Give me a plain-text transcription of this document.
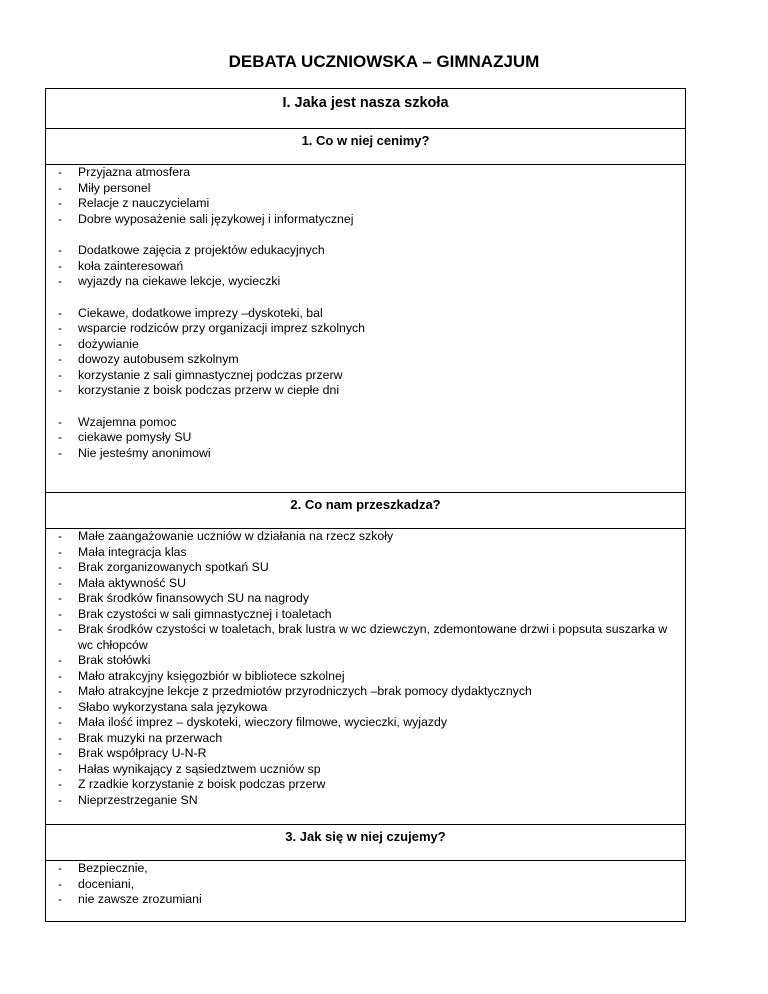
DEBATA UCZNIOWSKA – GIMNAZJUM
I. Jaka jest nasza szkoła
1. Co w niej cenimy?
- Przyjazna atmosfera
- Miły personel
- Relacje z nauczycielami
- Dobre wyposażenie sali językowej i informatycznej
- Dodatkowe zajęcia z projektów edukacyjnych
- koła zainteresowań
- wyjazdy na ciekawe lekcje, wycieczki
- Ciekawe, dodatkowe imprezy –dyskoteki, bal
- wsparcie rodziców przy organizacji imprez szkolnych
- dożywianie
- dowozy autobusem szkolnym
- korzystanie z sali gimnastycznej podczas przerw
- korzystanie z boisk podczas przerw w ciepłe dni
- Wzajemna pomoc
- ciekawe pomysły SU
- Nie jesteśmy anonimowi
2. Co nam przeszkadza?
- Małe zaangażowanie uczniów w działania na rzecz szkoły
- Mała integracja klas
- Brak zorganizowanych spotkań SU
- Mała aktywność SU
- Brak środków finansowych SU na nagrody
- Brak czystości w sali gimnastycznej i toaletach
- Brak środków czystości w toaletach, brak lustra w wc dziewczyn, zdemontowane drzwi i popsuta suszarka w wc chłopców
- Brak stołówki
- Mało atrakcyjny księgozbiór w bibliotece szkolnej
- Mało atrakcyjne lekcje z przedmiotów przyrodniczych –brak pomocy dydaktycznych
- Słabo wykorzystana sala językowa
- Mała ilość imprez – dyskoteki, wieczory filmowe, wycieczki, wyjazdy
- Brak muzyki na przerwach
- Brak współpracy U-N-R
- Hałas wynikający z sąsiedztwem uczniów sp
- Z rzadkie korzystanie z boisk podczas przerw
- Nieprzestrzeganie SN
3. Jak się w niej czujemy?
- Bezpiecznie,
- doceniani,
- nie zawsze zrozumiani
